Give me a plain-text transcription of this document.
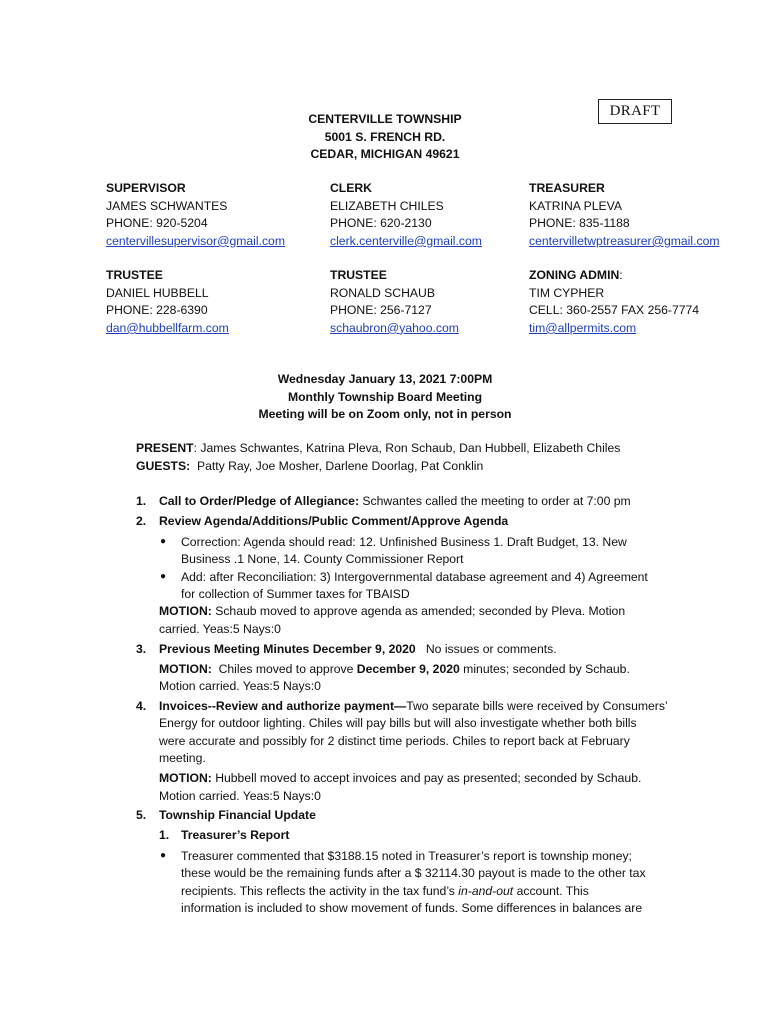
DRAFT
CENTERVILLE TOWNSHIP
5001 S. FRENCH RD.
CEDAR, MICHIGAN 49621
SUPERVISOR
JAMES SCHWANTES
PHONE: 920-5204
centervillesupervisor@gmail.com
CLERK
ELIZABETH CHILES
PHONE: 620-2130
clerk.centerville@gmail.com
TREASURER
KATRINA PLEVA
PHONE: 835-1188
centervilletwptreasurer@gmail.com
TRUSTEE
DANIEL HUBBELL
PHONE: 228-6390
dan@hubbellfarm.com
TRUSTEE
RONALD SCHAUB
PHONE: 256-7127
schaubron@yahoo.com
ZONING ADMIN:
TIM CYPHER
CELL: 360-2557 FAX 256-7774
tim@allpermits.com
Wednesday January 13, 2021 7:00PM
Monthly Township Board Meeting
Meeting will be on Zoom only, not in person
PRESENT: James Schwantes, Katrina Pleva, Ron Schaub, Dan Hubbell, Elizabeth Chiles
GUESTS:  Patty Ray, Joe Mosher, Darlene Doorlag, Pat Conklin
1. Call to Order/Pledge of Allegiance: Schwantes called the meeting to order at 7:00 pm
2. Review Agenda/Additions/Public Comment/Approve Agenda
● Correction: Agenda should read: 12. Unfinished Business 1. Draft Budget, 13. New
Business .1 None, 14. County Commissioner Report
● Add: after Reconciliation: 3) Intergovernmental database agreement and 4) Agreement
for collection of Summer taxes for TBAISD
MOTION: Schaub moved to approve agenda as amended; seconded by Pleva. Motion
carried. Yeas:5 Nays:0
3. Previous Meeting Minutes December 9, 2020   No issues or comments.
MOTION:  Chiles moved to approve December 9, 2020 minutes; seconded by Schaub.
Motion carried. Yeas:5 Nays:0
4. Invoices--Review and authorize payment—Two separate bills were received by Consumers’
Energy for outdoor lighting. Chiles will pay bills but will also investigate whether both bills
were accurate and possibly for 2 distinct time periods. Chiles to report back at February
meeting.
MOTION: Hubbell moved to accept invoices and pay as presented; seconded by Schaub.
Motion carried. Yeas:5 Nays:0
5. Township Financial Update
1. Treasurer’s Report
● Treasurer commented that $3188.15 noted in Treasurer’s report is township money;
these would be the remaining funds after a $ 32114.30 payout is made to the other tax
recipients. This reflects the activity in the tax fund’s in-and-out account. This
information is included to show movement of funds. Some differences in balances are
